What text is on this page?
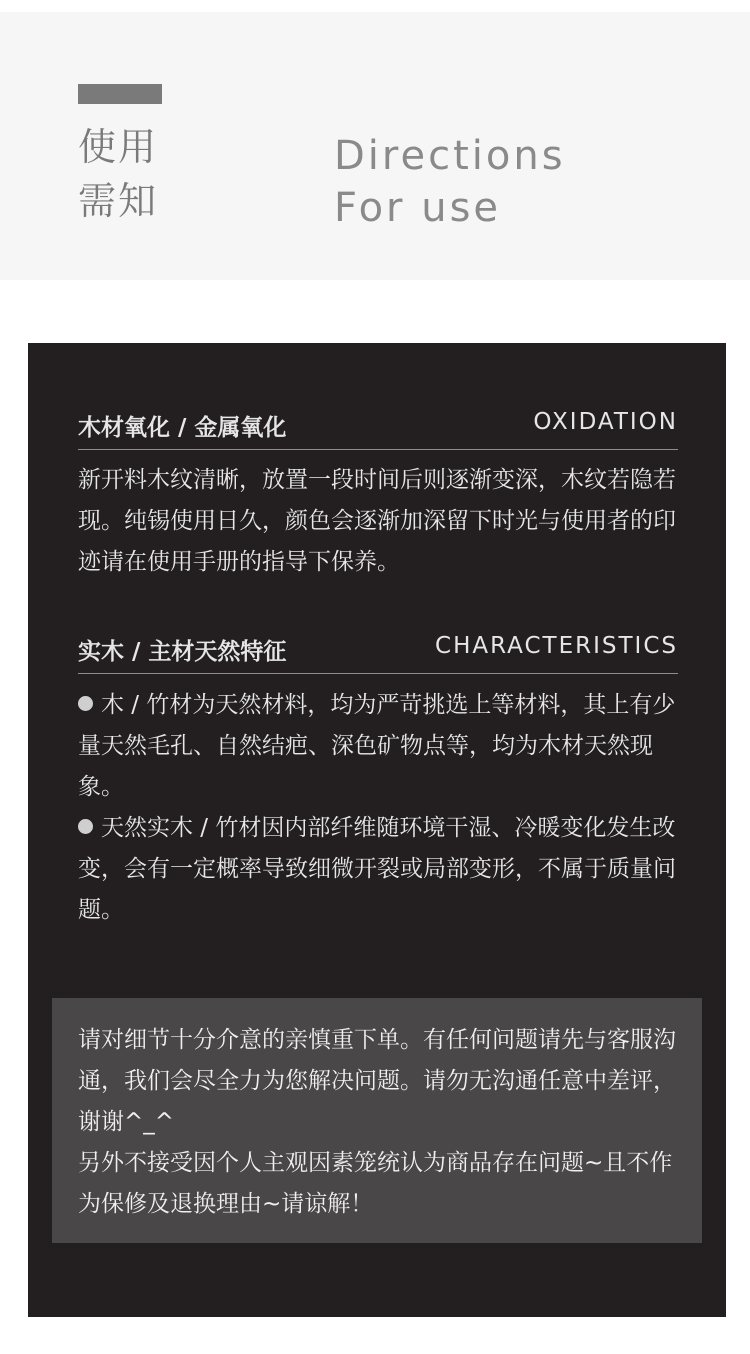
使用
需知
Directions
For use
木材氧化 / 金属氧化	OXIDATION

新开料木纹清晰，放置一段时间后则逐渐变深，木纹若隐若现。纯锡使用日久，颜色会逐渐加深留下时光与使用者的印迹请在使用手册的指导下保养。

实木 / 主材天然特征	CHARACTERISTICS

木 / 竹材为天然材料，均为严苛挑选上等材料，其上有少量天然毛孔、自然结疤、深色矿物点等，均为木材天然现象。

天然实木 / 竹材因内部纤维随环境干湿、冷暖变化发生改变，会有一定概率导致细微开裂或局部变形，不属于质量问题。

请对细节十分介意的亲慎重下单。有任何问题请先与客服沟通，我们会尽全力为您解决问题。请勿无沟通任意中差评，谢谢^_^

另外不接受因个人主观因素笼统认为商品存在问题~且不作为保修及退换理由~请谅解！
